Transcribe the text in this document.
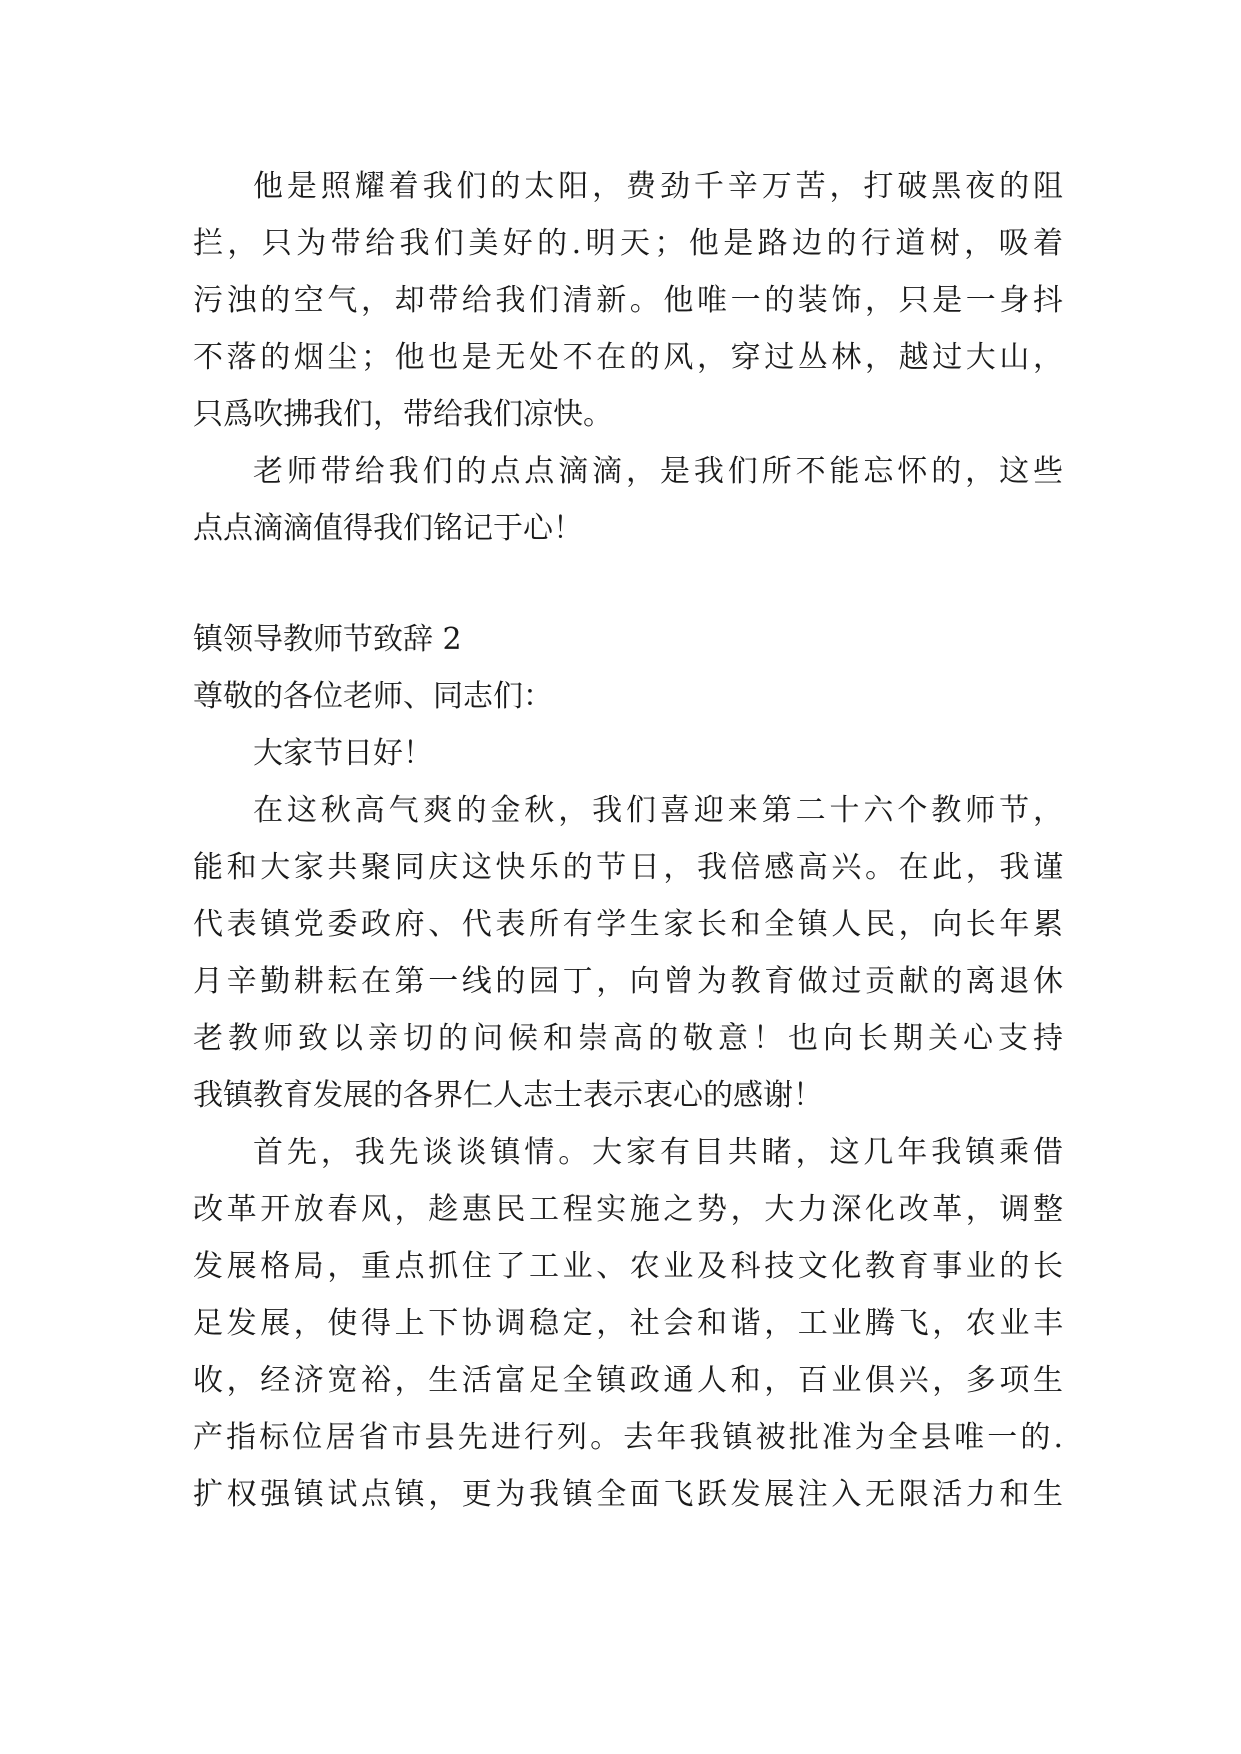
他是照耀着我们的太阳，费劲千辛万苦，打破黑夜的阻
拦，只为带给我们美好的.明天；他是路边的行道树，吸着
污浊的空气，却带给我们清新。他唯一的装饰，只是一身抖
不落的烟尘；他也是无处不在的风，穿过丛林，越过大山，
只爲吹拂我们，带给我们凉快。
老师带给我们的点点滴滴，是我们所不能忘怀的，这些
点点滴滴值得我们铭记于心！
镇领导教师节致辞 2
尊敬的各位老师、同志们：
大家节日好！
在这秋高气爽的金秋，我们喜迎来第二十六个教师节，
能和大家共聚同庆这快乐的节日，我倍感高兴。在此，我谨
代表镇党委政府、代表所有学生家长和全镇人民，向长年累
月辛勤耕耘在第一线的园丁，向曾为教育做过贡献的离退休
老教师致以亲切的问候和崇高的敬意！也向长期关心支持
我镇教育发展的各界仁人志士表示衷心的感谢！
首先，我先谈谈镇情。大家有目共睹，这几年我镇乘借
改革开放春风，趁惠民工程实施之势，大力深化改革，调整
发展格局，重点抓住了工业、农业及科技文化教育事业的长
足发展，使得上下协调稳定，社会和谐，工业腾飞，农业丰
收，经济宽裕，生活富足全镇政通人和，百业俱兴，多项生
产指标位居省市县先进行列。去年我镇被批准为全县唯一的.
扩权强镇试点镇，更为我镇全面飞跃发展注入无限活力和生
